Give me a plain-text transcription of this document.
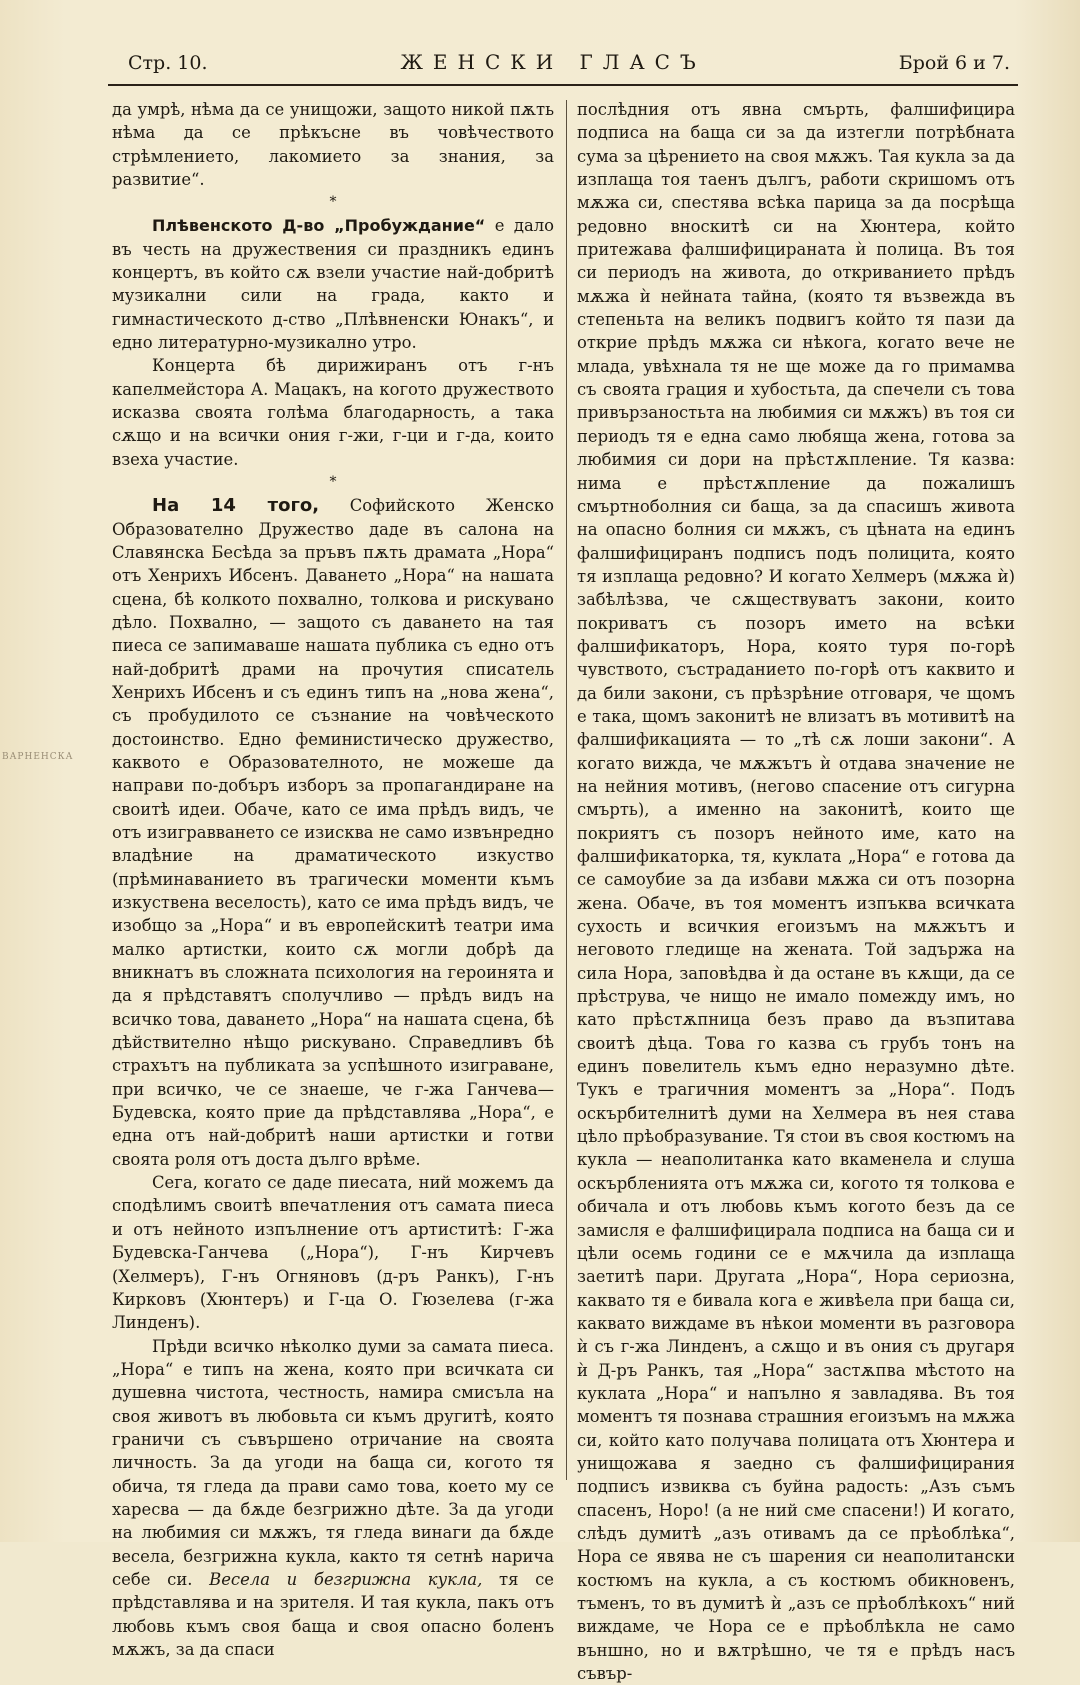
Стр. 10.	ЖЕНСКИ ГЛАСЪ	Брой 6 и 7.
ВАРНЕНСКА

да умрѣ, нѣма да се унищожи, защото никой пѫть нѣма да се прѣкъсне въ човѣчеството стрѣмлението, лакомието за знания, за развитие“.

*

Плѣвенското Д-во „Пробуждание“ е дало въ честь на дружествения си праздникъ единъ концертъ, въ който сѫ взели участие най-добритѣ музикални сили на града, както и гимнастическото д-ство „Плѣвненски Юнакъ“, и едно литературно-музикално утро.

Концерта бѣ дирижиранъ отъ г-нъ капелмейстора А. Мацакъ, на когото дружеството исказва своята голѣма благодарность, а така сѫщо и на всички ония г-жи, г-ци и г-да, които взеха участие.

*

На 14 того, Софийското Женско Образователно Дружество даде въ салона на Славянска Бесѣда за пръвъ пѫть драмата „Нора“ отъ Хенрихъ Ибсенъ. Даването „Нора“ на нашата сцена, бѣ колкото похвално, толкова и рискувано дѣло. Похвално, — защото съ даването на тая пиеса се запимаваше нашата публика съ едно отъ най-добритѣ драми на прочутия списатель Хенрихъ Ибсенъ и съ единъ типъ на „нова жена“, съ пробудилото се съзнание на човѣческото достоинство. Едно феминистическо дружество, каквото е Образователното, не можеше да направи по-добъръ изборъ за пропагандиране на своитѣ идеи. Обаче, като се има прѣдъ видъ, че отъ изигравването се изисква не само извънредно владѣние на драматическото изкуство (прѣминаванието въ трагически моменти къмъ изкуствена веселость), като се има прѣдъ видъ, че изобщо за „Нора“ и въ европейскитѣ театри има малко артистки, които сѫ могли добрѣ да вникнатъ въ сложната психология на героинята и да я прѣдставятъ сполучливо — прѣдъ видъ на всичко това, даването „Нора“ на нашата сцена, бѣ дѣйствително нѣщо рискувано. Справедливъ бѣ страхътъ на публиката за успѣшното изиграване, при всичко, че се знаеше, че г-жа Ганчева—Будевска, която прие да прѣдставлява „Нора“, е една отъ най-добритѣ наши артистки и готви своята роля отъ доста дълго врѣме.

Сега, когато се даде пиесата, ний можемъ да сподѣлимъ своитѣ впечатления отъ самата пиеса и отъ нейното изпълнение отъ артиститѣ: Г-жа Будевска-Ганчева („Нора“), Г-нъ Кирчевъ (Хелмеръ), Г-нъ Огняновъ (д-ръ Ранкъ), Г-нъ Кирковъ (Хюнтеръ) и Г-ца О. Гюзелева (г-жа Линденъ).

Прѣди всичко нѣколко думи за самата пиеса. „Нора“ е типъ на жена, която при всичката си душевна чистота, честность, намира смисъла на своя животъ въ любовьта си къмъ другитѣ, която граничи съ съвършено отричание на своята личность. За да угоди на баща си, когото тя обича, тя гледа да прави само това, което му се харесва — да бѫде безгрижно дѣте. За да угоди на любимия си мѫжъ, тя гледа винаги да бѫде весела, безгрижна кукла, както тя сетнѣ нарича себе си. Весела и безгрижна кукла, тя се прѣдставлява и на зрителя. И тая кукла, пакъ отъ любовь къмъ своя баща и своя опасно боленъ мѫжъ, за да спаси

послѣдния отъ явна смърть, фалшифицира подписа на баща си за да изтегли потрѣбната сума за цѣрението на своя мѫжъ. Тая кукла за да изплаща тоя таенъ дългъ, работи скришомъ отъ мѫжа си, спестява всѣка парица за да посрѣща редовно вноскитѣ си на Хюнтера, който притежава фалшифицираната ѝ полица. Въ тоя си периодъ на живота, до откриванието прѣдъ мѫжа ѝ нейната тайна, (която тя възвежда въ степеньта на великъ подвигъ който тя пази да открие прѣдъ мѫжа си нѣкога, когато вече не млада, увѣхнала тя не ще може да го примамва съ своята грация и хубостьта, да спечели съ това привързаностьта на любимия си мѫжъ) въ тоя си периодъ тя е една само любяща жена, готова за любимия си дори на прѣстѫпление. Тя казва: нима е прѣстѫпление да пожалишъ смъртноболния си баща, за да спасишъ живота на опасно болния си мѫжъ, съ цѣната на единъ фалшифициранъ подписъ подъ полицита, която тя изплаща редовно? И когато Хелмеръ (мѫжа ѝ) забѣлѣзва, че сѫществуватъ закони, които покриватъ съ позоръ името на всѣки фалшификаторъ, Нора, която туря по-горѣ чувството, състраданието по-горѣ отъ каквито и да били закони, съ прѣзрѣние отговаря, че щомъ е така, щомъ законитѣ не влизатъ въ мотивитѣ на фалшификацията — то „тѣ сѫ лоши закони“. А когато вижда, че мѫжътъ ѝ отдава значение не на нейния мотивъ, (негово спасение отъ сигурна смърть), а именно на законитѣ, които ще покриятъ съ позоръ нейното име, като на фалшификаторка, тя, куклата „Нора“ е готова да се самоубие за да избави мѫжа си отъ позорна жена. Обаче, въ тоя моментъ изпъква всичката сухость и всичкия егоизъмъ на мѫжътъ и неговото гледище на жената. Той задържа на сила Нора, заповѣдва ѝ да остане въ кѫщи, да се прѣструва, че нищо не имало помежду имъ, но като прѣстѫпница безъ право да възпитава своитѣ дѣца. Това го казва съ грубъ тонъ на единъ повелитель къмъ едно неразумно дѣте. Тукъ е трагичния моментъ за „Нора“. Подъ оскърбителнитѣ думи на Хелмера въ нея става цѣло прѣобразувание. Тя стои въ своя костюмъ на кукла — неаполитанка като вкаменела и слуша оскърбленията отъ мѫжа си, когото тя толкова е обичала и отъ любовь къмъ когото безъ да се замисля е фалшифицирала подписа на баща си и цѣли осемь години се е мѫчила да изплаща заетитѣ пари. Другата „Нора“, Нора сериозна, каквато тя е бивала кога е живѣела при баща си, каквато виждаме въ нѣкои моменти въ разговора ѝ съ г-жа Линденъ, а сѫщо и въ ония съ другаря ѝ Д-ръ Ранкъ, тая „Нора“ застѫпва мѣстото на куклата „Нора“ и напълно я завладява. Въ тоя моментъ тя познава страшния егоизъмъ на мѫжа си, който като получава полицата отъ Хюнтера и унищожава я заедно съ фалшифицирания подписъ извиква съ буйна радость: „Азъ съмъ спасенъ, Норо! (а не ний сме спасени!) И когато, слѣдъ думитѣ „азъ отивамъ да се прѣоблѣка“, Нора се явява не съ шарения си неаполитански костюмъ на кукла, а съ костюмъ обикновенъ, тъменъ, то въ думитѣ ѝ „азъ се прѣоблѣкохъ“ ний виждаме, че Нора се е прѣоблѣкла не само външно, но и вѫтрѣшно, че тя е прѣдъ насъ съвър-
